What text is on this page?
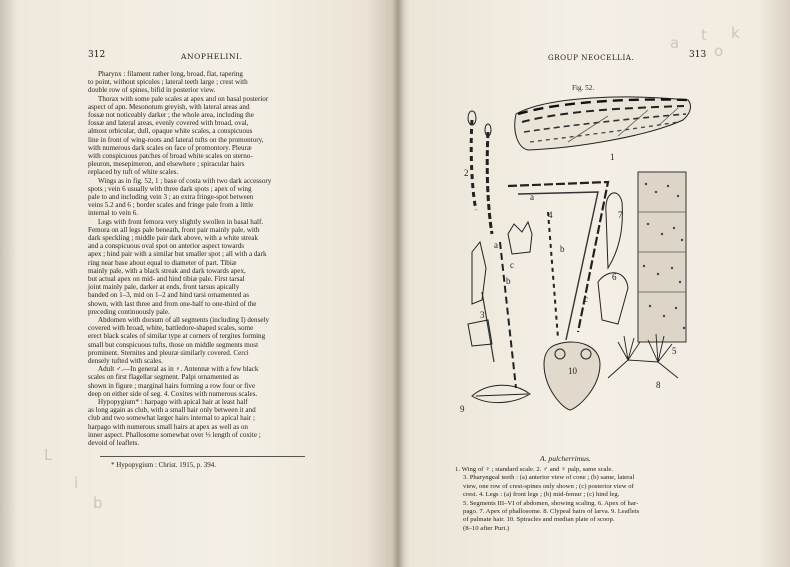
312	ANOPHELINI.
Pharynx : filament rather long, broad, flat, tapering
to point, without spicules ; lateral teeth large ; crest with
double row of spines, bifid in posterior view.
Thorax with some pale scales at apex and on basal posterior
aspect of apn. Mesonotum greyish, with lateral areas and
fossæ not noticeably darker ; the whole area, including the
fossæ and lateral areas, evenly covered with broad, oval,
almost orbicular, dull, opaque white scales, a conspicuous
line in front of wing-roots and lateral tufts on the promontory,
with numerous dark scales on face of promontory. Pleuræ
with conspicuous patches of broad white scales on sterno-
pleuron, mesepimeron, and elsewhere ; spiracular hairs
replaced by tuft of white scales.
Wings as in fig. 52, 1 ; base of costa with two dark accessory
spots ; vein 6 usually with three dark spots ; apex of wing
pale to and including vein 3 ; an extra fringe-spot between
veins 5.2 and 6 ; border scales and fringe pale from a little
internal to vein 6.
Legs with front femora very slightly swollen in basal half.
Femora on all legs pale beneath, front pair mainly pale, with
dark speckling ; middle pair dark above, with a white streak
and a conspicuous oval spot on anterior aspect towards
apex ; hind pair with a similar but smaller spot ; all with a dark
ring near base about equal to diameter of part. Tibiæ
mainly pale, with a black streak and dark towards apex,
but actual apex on mid- and hind tibiæ pale. First tarsal
joint mainly pale, darker at ends, front tarsus apically
banded on 1–3, mid on 1–2 and hind tarsi ornamented as
shown, with last three and from one-half to one-third of the
preceding continuously pale.
Abdomen with dorsum of all segments (including I) densely
covered with broad, white, battledore-shaped scales, some
erect black scales of similar type at corners of tergites forming
small but conspicuous tufts, those on middle segments most
prominent. Sternites and pleuræ similarly covered. Cerci
densely tufted with scales.
Adult ♂.—In general as in ♀. Antennæ with a few black
scales on first flagellar segment. Palpi ornamented as
shown in figure ; marginal hairs forming a row four or five
deep on either side of seg. 4. Coxites with numerous scales.
Hypopygium* : harpago with apical hair at least half
as long again as club, with a small hair only between it and
club and two somewhat larger hairs internal to apical hair ;
harpago with numerous small hairs at apex as well as on
inner aspect. Phallosome somewhat over ⅓ length of coxite ;
devoid of leaflets.
* Hypopygium : Christ. 1915, p. 394.
L
i
b
GROUP NEOCELLIA.	313
Fig. 52.
a t
o
k
1
2
3
4
5
6
7
8
9
10
a
a
b
b
c
c
A. pulcherrimus.
1. Wing of ♀ ; standard scale. 2. ♂ and ♀ palp, same scale.
3. Pharyngeal teeth : (a) anterior view of cone ; (b) same, lateral
view, one row of crest-spines only shown ; (c) posterior view of
crest. 4. Legs : (a) front legs ; (b) mid-femur ; (c) hind leg.
5. Segments III–VI of abdomen, showing scaling. 6. Apex of har-
pago. 7. Apex of phallosome. 8. Clypeal hairs of larva. 9. Leaflets
of palmate hair. 10. Spiracles and median plate of scoop.
(8–10 after Puri.)
